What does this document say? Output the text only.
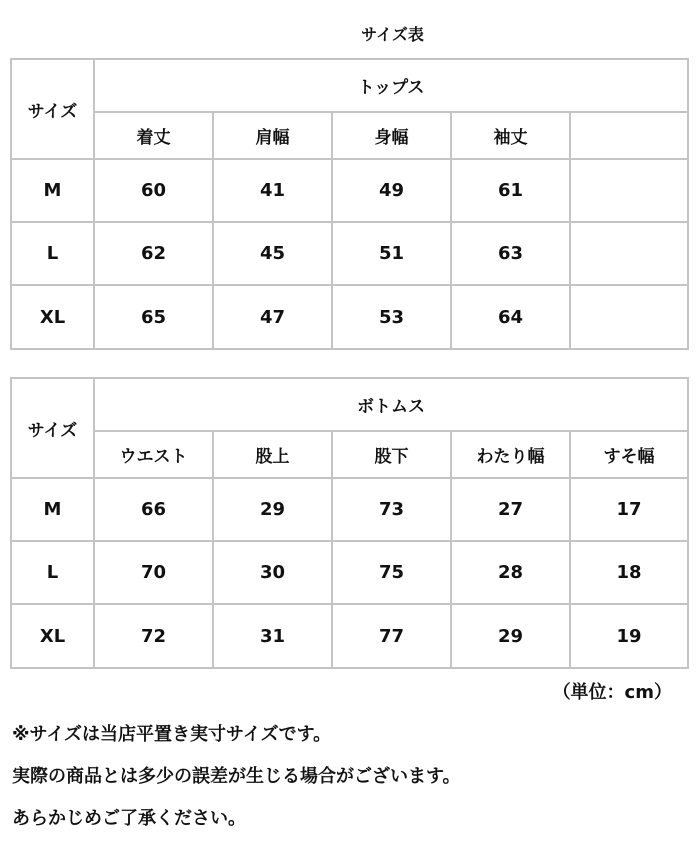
サイズ表
サイズ
トップス
着丈	肩幅	身幅	袖丈
M	60	41	49	61
L	62	45	51	63
XL	65	47	53	64
サイズ
ボトムス
ウエスト	股上	股下	わたり幅	すそ幅
M	66	29	73	27	17
L	70	30	75	28	18
XL	72	31	77	29	19
（単位：cm）
※サイズは当店平置き実寸サイズです。
実際の商品とは多少の誤差が生じる場合がございます。
あらかじめご了承ください。
